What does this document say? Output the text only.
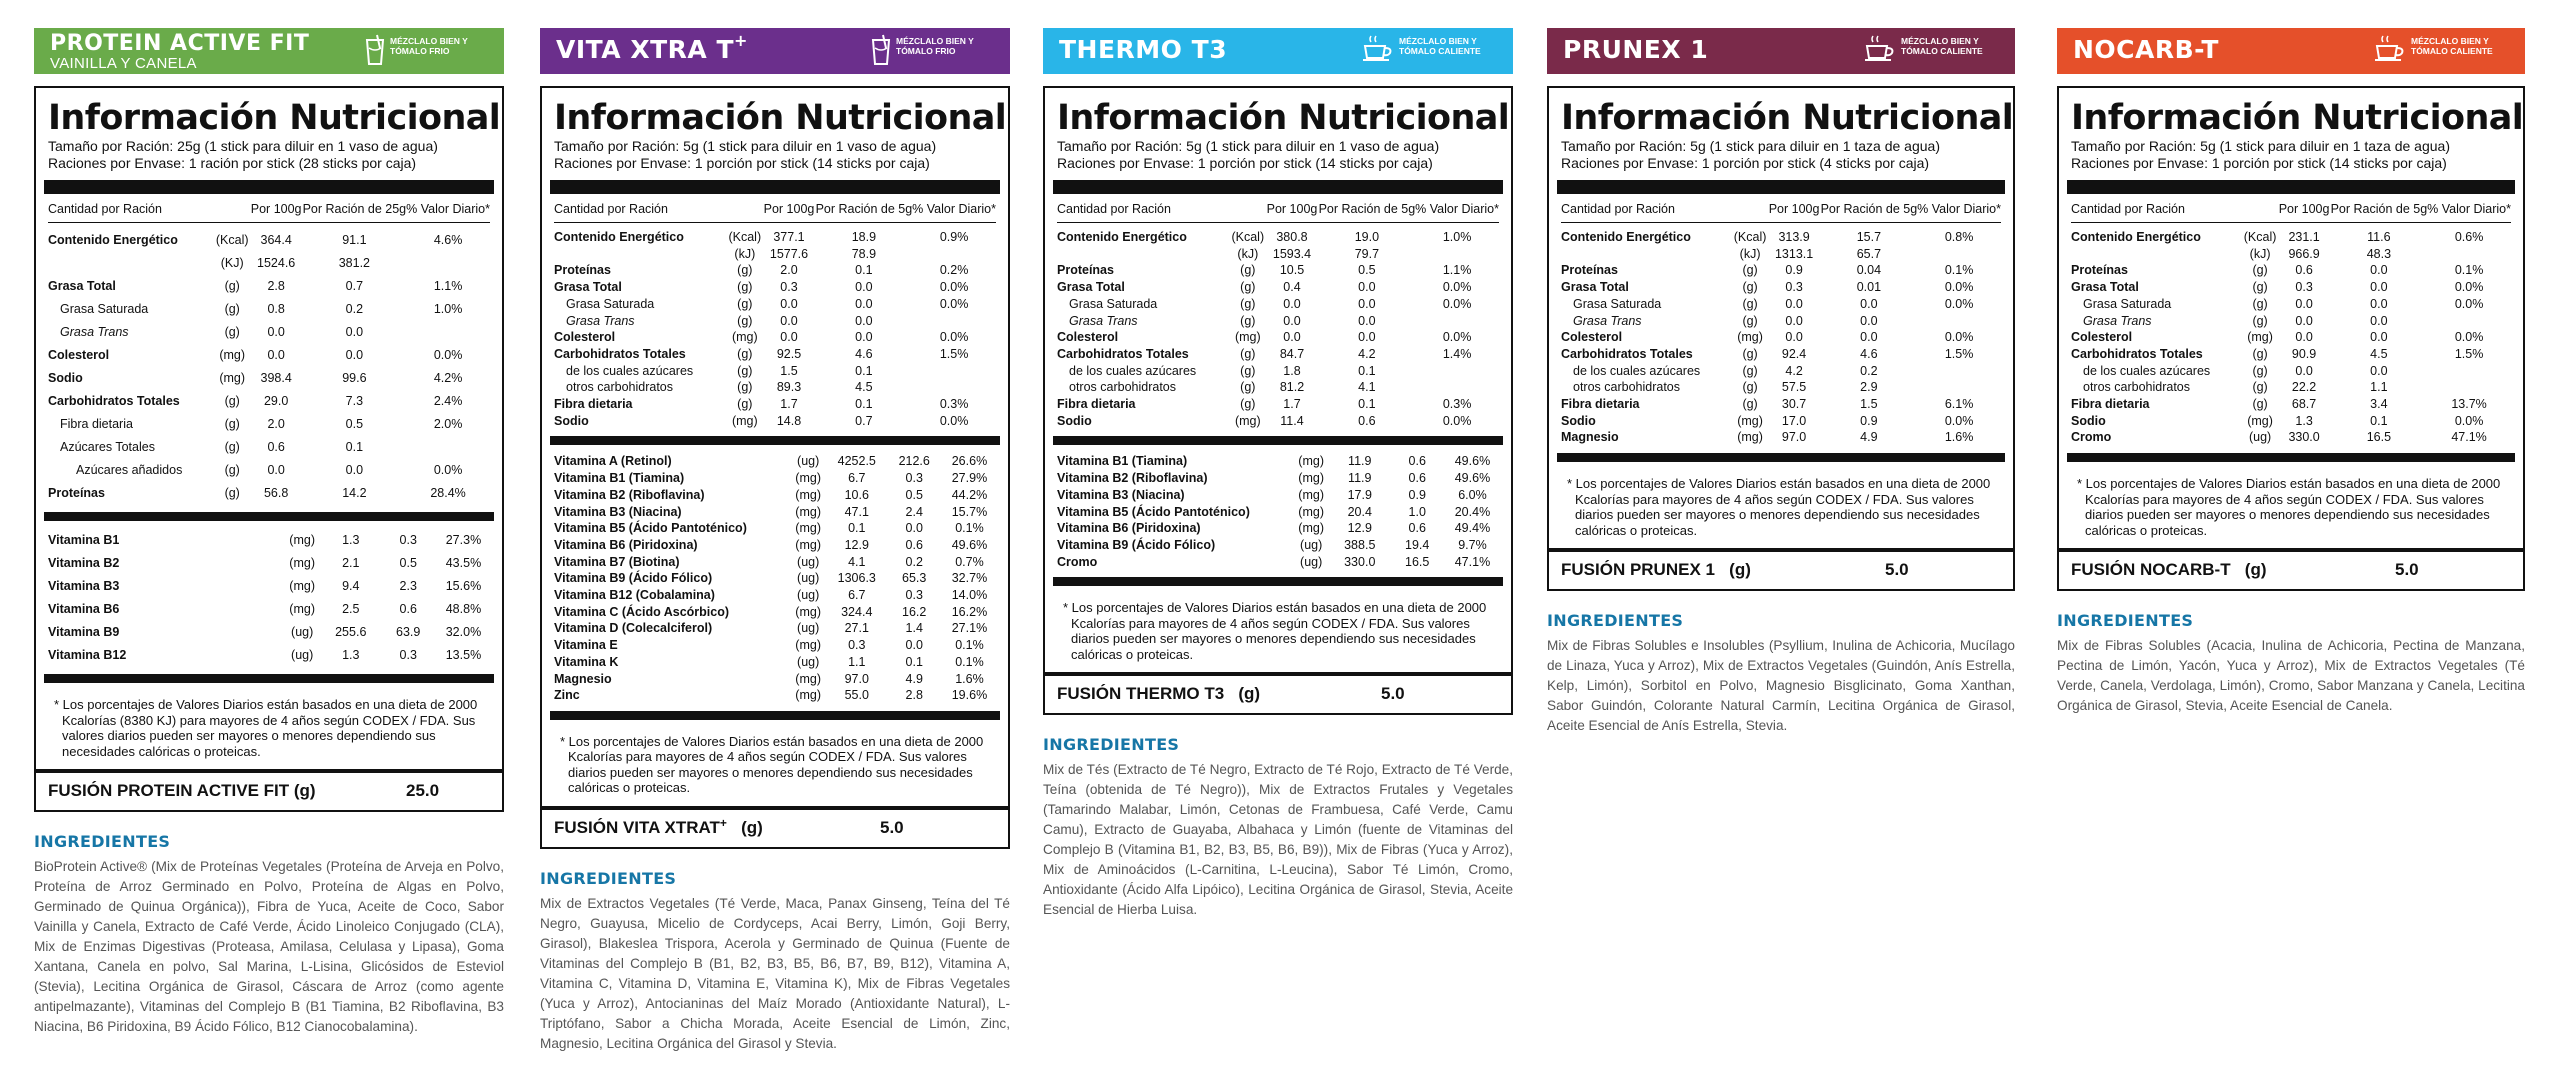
PROTEIN ACTIVE FIT
VAINILLA Y CANELA
MÉZCLALO BIEN Y TÓMALO FRIO
Información Nutricional
Tamaño por Ración: 25g (1 stick para diluir en 1 vaso de agua)
Raciones por Envase: 1 ración por stick (28 sticks por caja)
Cantidad por Ración		Por 100g	Por Ración de 25g	% Valor Diario*

Contenido Energético	(Kcal)	364.4	91.1	4.6%
	(KJ)	1524.6	381.2	
Grasa Total	(g)	2.8	0.7	1.1%
Grasa Saturada	(g)	0.8	0.2	1.0%
Grasa Trans	(g)	0.0	0.0	
Colesterol	(mg)	0.0	0.0	0.0%
Sodio	(mg)	398.4	99.6	4.2%
Carbohidratos Totales	(g)	29.0	7.3	2.4%
Fibra dietaria	(g)	2.0	0.5	2.0%
Azúcares Totales	(g)	0.6	0.1	
Azúcares añadidos	(g)	0.0	0.0	0.0%
Proteínas	(g)	56.8	14.2	28.4%
Vitamina B1	(mg)	1.3	0.3	27.3%
Vitamina B2	(mg)	2.1	0.5	43.5%
Vitamina B3	(mg)	9.4	2.3	15.6%
Vitamina B6	(mg)	2.5	0.6	48.8%
Vitamina B9	(ug)	255.6	63.9	32.0%
Vitamina B12	(ug)	1.3	0.3	13.5%
* Los porcentajes de Valores Diarios están basados en una dieta de 2000 Kcalorías (8380 KJ) para mayores de 4 años según CODEX / FDA. Sus valores diarios pueden ser mayores o menores dependiendo sus necesidades calóricas o proteicas.
FUSIÓN PROTEIN ACTIVE FIT (g)	25.0
INGREDIENTES
BioProtein Active® (Mix de Proteínas Vegetales (Proteína de Arveja en Polvo, Proteína de Arroz Germinado en Polvo, Proteína de Algas en Polvo, Germinado de Quinua Orgánica)), Fibra de Yuca, Aceite de Coco, Sabor Vainilla y Canela, Extracto de Café Verde, Ácido Linoleico Conjugado (CLA), Mix de Enzimas Digestivas (Proteasa, Amilasa, Celulasa y Lipasa), Goma Xantana, Canela en polvo, Sal Marina, L-Lisina, Glicósidos de Esteviol (Stevia), Lecitina Orgánica de Girasol, Cáscara de Arroz (como agente antipelmazante), Vitaminas del Complejo B (B1 Tiamina, B2 Riboflavina, B3 Niacina, B6 Piridoxina, B9 Ácido Fólico, B12 Cianocobalamina).
VITA XTRA T+	MÉZCLALO BIEN Y TÓMALO FRIO
Información Nutricional
Tamaño por Ración: 5g (1 stick para diluir en 1 vaso de agua)
Raciones por Envase: 1 porción por stick (14 sticks por caja)
Cantidad por Ración		Por 100g	Por Ración de 5g	% Valor Diario*

Contenido Energético	(Kcal)	377.1	18.9	0.9%
	(kJ)	1577.6	78.9	
Proteínas	(g)	2.0	0.1	0.2%
Grasa Total	(g)	0.3	0.0	0.0%
Grasa Saturada	(g)	0.0	0.0	0.0%
Grasa Trans	(g)	0.0	0.0	
Colesterol	(mg)	0.0	0.0	0.0%
Carbohidratos Totales	(g)	92.5	4.6	1.5%
de los cuales azúcares	(g)	1.5	0.1	
otros carbohidratos	(g)	89.3	4.5	
Fibra dietaria	(g)	1.7	0.1	0.3%
Sodio	(mg)	14.8	0.7	0.0%
Vitamina A (Retinol)	(ug)	4252.5	212.6	26.6%
Vitamina B1 (Tiamina)	(mg)	6.7	0.3	27.9%
Vitamina B2 (Riboflavina)	(mg)	10.6	0.5	44.2%
Vitamina B3 (Niacina)	(mg)	47.1	2.4	15.7%
Vitamina B5 (Ácido Pantoténico)	(mg)	0.1	0.0	0.1%
Vitamina B6 (Piridoxina)	(mg)	12.9	0.6	49.6%
Vitamina B7 (Biotina)	(ug)	4.1	0.2	0.7%
Vitamina B9 (Ácido Fólico)	(ug)	1306.3	65.3	32.7%
Vitamina B12 (Cobalamina)	(ug)	6.7	0.3	14.0%
Vitamina C (Ácido Ascórbico)	(mg)	324.4	16.2	16.2%
Vitamina D (Colecalciferol)	(ug)	27.1	1.4	27.1%
Vitamina E	(mg)	0.3	0.0	0.1%
Vitamina K	(ug)	1.1	0.1	0.1%
Magnesio	(mg)	97.0	4.9	1.6%
Zinc	(mg)	55.0	2.8	19.6%
* Los porcentajes de Valores Diarios están basados en una dieta de 2000 Kcalorías para mayores de 4 años según CODEX / FDA. Sus valores diarios pueden ser mayores o menores dependiendo sus necesidades calóricas o proteicas.
FUSIÓN VITA XTRAT+ (g)	5.0
INGREDIENTES
Mix de Extractos Vegetales (Té Verde, Maca, Panax Ginseng, Teína del Té Negro, Guayusa, Micelio de Cordyceps, Acai Berry, Limón, Goji Berry, Girasol), Blakeslea Trispora, Acerola y Germinado de Quinua (Fuente de Vitaminas del Complejo B (B1, B2, B3, B5, B6, B7, B9, B12), Vitamina A, Vitamina C, Vitamina D, Vitamina E, Vitamina K), Mix de Fibras Vegetales (Yuca y Arroz), Antocianinas del Maíz Morado (Antioxidante Natural), L-Triptófano, Sabor a Chicha Morada, Aceite Esencial de Limón, Zinc, Magnesio, Lecitina Orgánica del Girasol y Stevia.
THERMO T3	MÉZCLALO BIEN Y TÓMALO CALIENTE
Información Nutricional
Tamaño por Ración: 5g (1 stick para diluir en 1 vaso de agua)
Raciones por Envase: 1 porción por stick (14 sticks por caja)
Cantidad por Ración		Por 100g	Por Ración de 5g	% Valor Diario*

Contenido Energético	(Kcal)	380.8	19.0	1.0%
	(kJ)	1593.4	79.7	
Proteínas	(g)	10.5	0.5	1.1%
Grasa Total	(g)	0.4	0.0	0.0%
Grasa Saturada	(g)	0.0	0.0	0.0%
Grasa Trans	(g)	0.0	0.0	
Colesterol	(mg)	0.0	0.0	0.0%
Carbohidratos Totales	(g)	84.7	4.2	1.4%
de los cuales azúcares	(g)	1.8	0.1	
otros carbohidratos	(g)	81.2	4.1	
Fibra dietaria	(g)	1.7	0.1	0.3%
Sodio	(mg)	11.4	0.6	0.0%
Vitamina B1 (Tiamina)	(mg)	11.9	0.6	49.6%
Vitamina B2 (Riboflavina)	(mg)	11.9	0.6	49.6%
Vitamina B3 (Niacina)	(mg)	17.9	0.9	6.0%
Vitamina B5 (Ácido Pantoténico)	(mg)	20.4	1.0	20.4%
Vitamina B6 (Piridoxina)	(mg)	12.9	0.6	49.4%
Vitamina B9 (Ácido Fólico)	(ug)	388.5	19.4	9.7%
Cromo	(ug)	330.0	16.5	47.1%
* Los porcentajes de Valores Diarios están basados en una dieta de 2000 Kcalorías para mayores de 4 años según CODEX / FDA. Sus valores diarios pueden ser mayores o menores dependiendo sus necesidades calóricas o proteicas.
FUSIÓN THERMO T3 (g)	5.0
INGREDIENTES
Mix de Tés (Extracto de Té Negro, Extracto de Té Rojo, Extracto de Té Verde, Teína (obtenida de Té Negro)), Mix de Extractos Frutales y Vegetales (Tamarindo Malabar, Limón, Cetonas de Frambuesa, Café Verde, Camu Camu), Extracto de Guayaba, Albahaca y Limón (fuente de Vitaminas del Complejo B (Vitamina B1, B2, B3, B5, B6, B9)), Mix de Fibras (Yuca y Arroz), Mix de Aminoácidos (L-Carnitina, L-Leucina), Sabor Té Limón, Cromo, Antioxidante (Ácido Alfa Lipóico), Lecitina Orgánica de Girasol, Stevia, Aceite Esencial de Hierba Luisa.
PRUNEX 1	MÉZCLALO BIEN Y TÓMALO CALIENTE
Información Nutricional
Tamaño por Ración: 5g (1 stick para diluir en 1 taza de agua)
Raciones por Envase: 1 porción por stick (4 sticks por caja)
Cantidad por Ración		Por 100g	Por Ración de 5g	% Valor Diario*

Contenido Energético	(Kcal)	313.9	15.7	0.8%
	(kJ)	1313.1	65.7	
Proteínas	(g)	0.9	0.04	0.1%
Grasa Total	(g)	0.3	0.01	0.0%
Grasa Saturada	(g)	0.0	0.0	0.0%
Grasa Trans	(g)	0.0	0.0	
Colesterol	(mg)	0.0	0.0	0.0%
Carbohidratos Totales	(g)	92.4	4.6	1.5%
de los cuales azúcares	(g)	4.2	0.2	
otros carbohidratos	(g)	57.5	2.9	
Fibra dietaria	(g)	30.7	1.5	6.1%
Sodio	(mg)	17.0	0.9	0.0%
Magnesio	(mg)	97.0	4.9	1.6%
* Los porcentajes de Valores Diarios están basados en una dieta de 2000 Kcalorías para mayores de 4 años según CODEX / FDA. Sus valores diarios pueden ser mayores o menores dependiendo sus necesidades calóricas o proteicas.
FUSIÓN PRUNEX 1 (g)	5.0
INGREDIENTES
Mix de Fibras Solubles e Insolubles (Psyllium, Inulina de Achicoria, Mucílago de Linaza, Yuca y Arroz), Mix de Extractos Vegetales (Guindón, Anís Estrella, Kelp, Limón), Sorbitol en Polvo, Magnesio Bisglicinato, Goma Xanthan, Sabor Guindón, Colorante Natural Carmín, Lecitina Orgánica de Girasol, Aceite Esencial de Anís Estrella, Stevia.
NOCARB-T	MÉZCLALO BIEN Y TÓMALO CALIENTE
Información Nutricional
Tamaño por Ración: 5g (1 stick para diluir en 1 taza de agua)
Raciones por Envase: 1 porción por stick (14 sticks por caja)
Cantidad por Ración		Por 100g	Por Ración de 5g	% Valor Diario*

Contenido Energético	(Kcal)	231.1	11.6	0.6%
	(kJ)	966.9	48.3	
Proteínas	(g)	0.6	0.0	0.1%
Grasa Total	(g)	0.3	0.0	0.0%
Grasa Saturada	(g)	0.0	0.0	0.0%
Grasa Trans	(g)	0.0	0.0	
Colesterol	(mg)	0.0	0.0	0.0%
Carbohidratos Totales	(g)	90.9	4.5	1.5%
de los cuales azúcares	(g)	0.0	0.0	
otros carbohidratos	(g)	22.2	1.1	
Fibra dietaria	(g)	68.7	3.4	13.7%
Sodio	(mg)	1.3	0.1	0.0%
Cromo	(ug)	330.0	16.5	47.1%
* Los porcentajes de Valores Diarios están basados en una dieta de 2000 Kcalorías para mayores de 4 años según CODEX / FDA. Sus valores diarios pueden ser mayores o menores dependiendo sus necesidades calóricas o proteicas.
FUSIÓN NOCARB-T (g)	5.0
INGREDIENTES
Mix de Fibras Solubles (Acacia, Inulina de Achicoria, Pectina de Manzana, Pectina de Limón, Yacón, Yuca y Arroz), Mix de Extractos Vegetales (Té Verde, Canela, Verdolaga, Limón), Cromo, Sabor Manzana y Canela, Lecitina Orgánica de Girasol, Stevia, Aceite Esencial de Canela.
